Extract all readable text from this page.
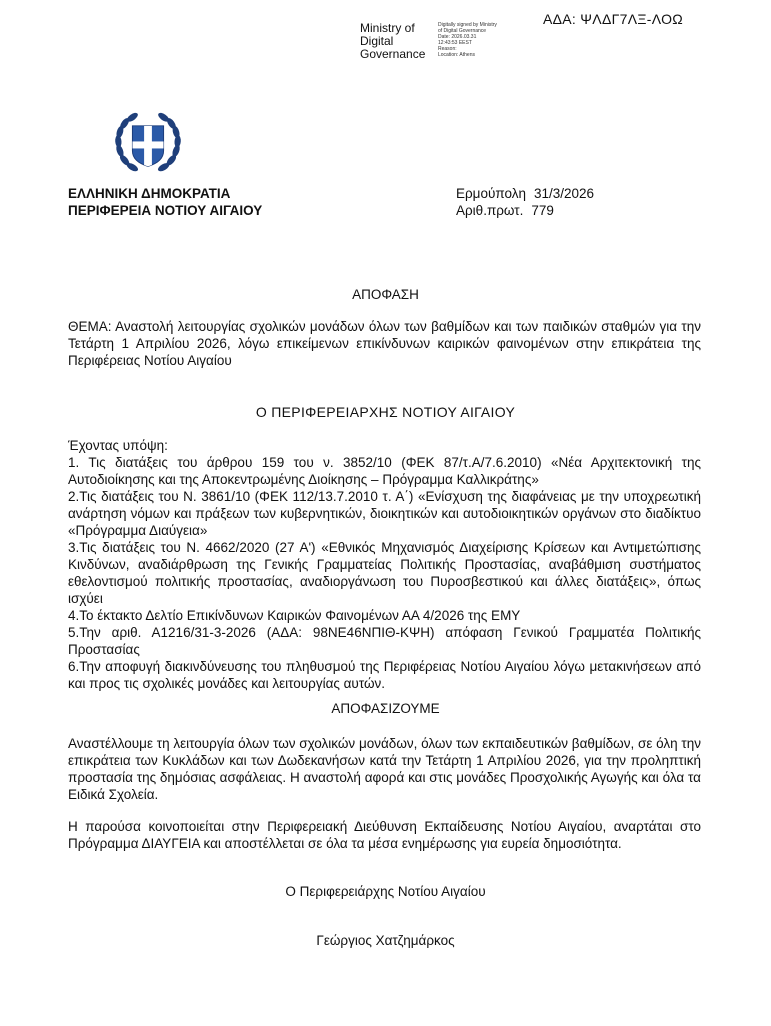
ΑΔΑ: ΨΛΔΓ7ΛΞ-ΛΟΩ
Ministry of
Digital
Governance
Digitally signed by Ministry
of Digital Governance
Date: 2026.03.31
12:43:53 EEST
Reason:
Location: Athens
ΕΛΛΗΝΙΚΗ ΔΗΜΟΚΡΑΤΙΑ
ΠΕΡΙΦΕΡΕΙΑ ΝΟΤΙΟΥ ΑΙΓΑΙΟΥ
Ερμούπολη 31/3/2026
Αριθ.πρωτ. 779
ΑΠΟΦΑΣΗ
ΘΕΜΑ: Αναστολή λειτουργίας σχολικών μονάδων όλων των βαθμίδων και των παιδικών σταθμών για την Τετάρτη 1 Απριλίου 2026, λόγω επικείμενων επικίνδυνων καιρικών φαινομένων στην επικράτεια της Περιφέρειας Νοτίου Αιγαίου
Ο ΠΕΡΙΦΕΡΕΙΑΡΧΗΣ ΝΟΤΙΟΥ ΑΙΓΑΙΟΥ

Έχοντας υπόψη:

1. Τις διατάξεις του άρθρου 159 του ν. 3852/10 (ΦΕΚ 87/τ.Α/7.6.2010) «Νέα Αρχιτεκτονική της Αυτοδιοίκησης και της Αποκεντρωμένης Διοίκησης – Πρόγραμμα Καλλικράτης»

2.Τις διατάξεις του Ν. 3861/10 (ΦΕΚ 112/13.7.2010 τ. Α΄) «Ενίσχυση της διαφάνειας με την υποχρεωτική ανάρτηση νόμων και πράξεων των κυβερνητικών, διοικητικών και αυτοδιοικητικών οργάνων στο διαδίκτυο «Πρόγραμμα Διαύγεια»

3.Τις διατάξεις του Ν. 4662/2020 (27 Α') «Εθνικός Μηχανισμός Διαχείρισης Κρίσεων και Αντιμετώπισης Κινδύνων, αναδιάρθρωση της Γενικής Γραμματείας Πολιτικής Προστασίας, αναβάθμιση συστήματος εθελοντισμού πολιτικής προστασίας, αναδιοργάνωση του Πυροσβεστικού και άλλες διατάξεις», όπως ισχύει

4.Το έκτακτο Δελτίο Επικίνδυνων Καιρικών Φαινομένων ΑΑ 4/2026 της ΕΜΥ

5.Την αριθ. Α1216/31-3-2026 (ΑΔΑ: 98ΝΕ46ΝΠΙΘ-ΚΨΗ) απόφαση Γενικού Γραμματέα Πολιτικής Προστασίας

6.Την αποφυγή διακινδύνευσης του πληθυσμού της Περιφέρειας Νοτίου Αιγαίου λόγω μετακινήσεων από και προς τις σχολικές μονάδες και λειτουργίας αυτών.

ΑΠΟΦΑΣΙΖΟΥΜΕ
Αναστέλλουμε τη λειτουργία όλων των σχολικών μονάδων, όλων των εκπαιδευτικών βαθμίδων, σε όλη την επικράτεια των Κυκλάδων και των Δωδεκανήσων κατά την Τετάρτη 1 Απριλίου 2026, για την προληπτική προστασία της δημόσιας ασφάλειας. Η αναστολή αφορά και στις μονάδες Προσχολικής Αγωγής και όλα τα Ειδικά Σχολεία.
Η παρούσα κοινοποιείται στην Περιφερειακή Διεύθυνση Εκπαίδευσης Νοτίου Αιγαίου, αναρτάται στο Πρόγραμμα ΔΙΑΥΓΕΙΑ και αποστέλλεται σε όλα τα μέσα ενημέρωσης για ευρεία δημοσιότητα.
Ο Περιφερειάρχης Νοτίου Αιγαίου
Γεώργιος Χατζημάρκος
